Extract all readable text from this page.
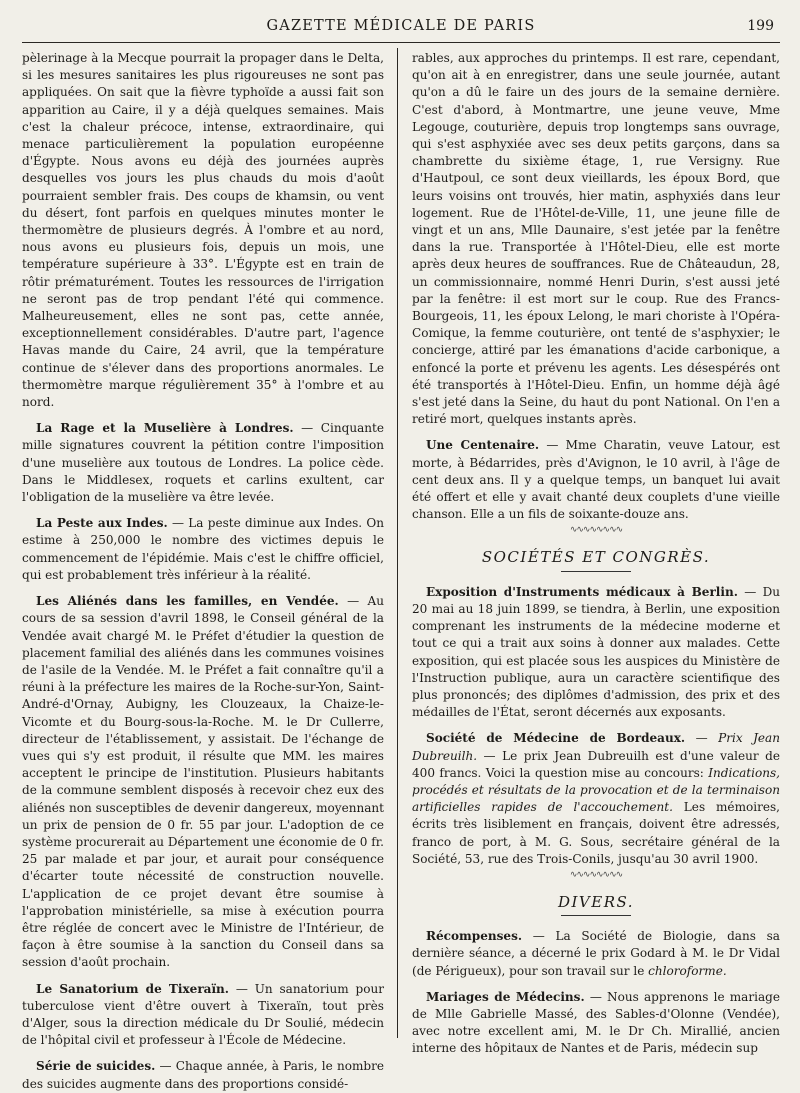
GAZETTE MÉDICALE DE PARIS	199

pèlerinage à la Mecque pourrait la propager dans le Delta, si les mesures sanitaires les plus rigoureuses ne sont pas appliquées. On sait que la fièvre typhoïde a aussi fait son apparition au Caire, il y a déjà quelques semaines. Mais c'est la chaleur précoce, intense, extraordinaire, qui menace particulièrement la population européenne d'Égypte. Nous avons eu déjà des journées auprès desquelles vos jours les plus chauds du mois d'août pourraient sembler frais. Des coups de khamsin, ou vent du désert, font parfois en quelques minutes monter le thermomètre de plusieurs degrés. À l'ombre et au nord, nous avons eu plusieurs fois, depuis un mois, une température supérieure à 33°. L'Égypte est en train de rôtir prématurément. Toutes les ressources de l'irrigation ne seront pas de trop pendant l'été qui commence. Malheureusement, elles ne sont pas, cette année, exceptionnellement considérables. D'autre part, l'agence Havas mande du Caire, 24 avril, que la température continue de s'élever dans des proportions anormales. Le thermomètre marque régulièrement 35° à l'ombre et au nord.

La Rage et la Muselière à Londres. — Cinquante mille signatures couvrent la pétition contre l'imposition d'une muselière aux toutous de Londres. La police cède. Dans le Middlesex, roquets et carlins exultent, car l'obligation de la muselière va être levée.

La Peste aux Indes. — La peste diminue aux Indes. On estime à 250,000 le nombre des victimes depuis le commencement de l'épidémie. Mais c'est le chiffre officiel, qui est probablement très inférieur à la réalité.

Les Aliénés dans les familles, en Vendée. — Au cours de sa session d'avril 1898, le Conseil général de la Vendée avait chargé M. le Préfet d'étudier la question de placement familial des aliénés dans les communes voisines de l'asile de la Vendée. M. le Préfet a fait connaître qu'il a réuni à la préfecture les maires de la Roche-sur-Yon, Saint-André-d'Ornay, Aubigny, les Clouzeaux, la Chaize-le-Vicomte et du Bourg-sous-la-Roche. M. le Dr Cullerre, directeur de l'établissement, y assistait. De l'échange de vues qui s'y est produit, il résulte que MM. les maires acceptent le principe de l'institution. Plusieurs habitants de la commune semblent disposés à recevoir chez eux des aliénés non susceptibles de devenir dangereux, moyennant un prix de pension de 0 fr. 55 par jour. L'adoption de ce système procurerait au Département une économie de 0 fr. 25 par malade et par jour, et aurait pour conséquence d'écarter toute nécessité de construction nouvelle. L'application de ce projet devant être soumise à l'approbation ministérielle, sa mise à exécution pourra être réglée de concert avec le Ministre de l'Intérieur, de façon à être soumise à la sanction du Conseil dans sa session d'août prochain.

Le Sanatorium de Tixeraïn. — Un sanatorium pour tuberculose vient d'être ouvert à Tixeraïn, tout près d'Alger, sous la direction médicale du Dr Soulié, médecin de l'hôpital civil et professeur à l'École de Médecine.

Série de suicides. — Chaque année, à Paris, le nombre des suicides augmente dans des proportions considé-

rables, aux approches du printemps. Il est rare, cependant, qu'on ait à en enregistrer, dans une seule journée, autant qu'on a dû le faire un des jours de la semaine dernière. C'est d'abord, à Montmartre, une jeune veuve, Mme Legouge, couturière, depuis trop longtemps sans ouvrage, qui s'est asphyxiée avec ses deux petits garçons, dans sa chambrette du sixième étage, 1, rue Versigny. Rue d'Hautpoul, ce sont deux vieillards, les époux Bord, que leurs voisins ont trouvés, hier matin, asphyxiés dans leur logement. Rue de l'Hôtel-de-Ville, 11, une jeune fille de vingt et un ans, Mlle Daunaire, s'est jetée par la fenêtre dans la rue. Transportée à l'Hôtel-Dieu, elle est morte après deux heures de souffrances. Rue de Châteaudun, 28, un commissionnaire, nommé Henri Durin, s'est aussi jeté par la fenêtre: il est mort sur le coup. Rue des Francs-Bourgeois, 11, les époux Lelong, le mari choriste à l'Opéra-Comique, la femme couturière, ont tenté de s'asphyxier; le concierge, attiré par les émanations d'acide carbonique, a enfoncé la porte et prévenu les agents. Les désespérés ont été transportés à l'Hôtel-Dieu. Enfin, un homme déjà âgé s'est jeté dans la Seine, du haut du pont National. On l'en a retiré mort, quelques instants après.

Une Centenaire. — Mme Charatin, veuve Latour, est morte, à Bédarrides, près d'Avignon, le 10 avril, à l'âge de cent deux ans. Il y a quelque temps, un banquet lui avait été offert et elle y avait chanté deux couplets d'une vieille chanson. Elle a un fils de soixante-douze ans.

∿∿∿∿∿∿∿∿
SOCIÉTÉS ET CONGRÈS.

Exposition d'Instruments médicaux à Berlin. — Du 20 mai au 18 juin 1899, se tiendra, à Berlin, une exposition comprenant les instruments de la médecine moderne et tout ce qui a trait aux soins à donner aux malades. Cette exposition, qui est placée sous les auspices du Ministère de l'Instruction publique, aura un caractère scientifique des plus prononcés; des diplômes d'admission, des prix et des médailles de l'État, seront décernés aux exposants.

Société de Médecine de Bordeaux. — Prix Jean Dubreuilh. — Le prix Jean Dubreuilh est d'une valeur de 400 francs. Voici la question mise au concours: Indications, procédés et résultats de la provocation et de la terminaison artificielles rapides de l'accouchement. Les mémoires, écrits très lisiblement en français, doivent être adressés, franco de port, à M. G. Sous, secrétaire général de la Société, 53, rue des Trois-Conils, jusqu'au 30 avril 1900.

∿∿∿∿∿∿∿∿
DIVERS.

Récompenses. — La Société de Biologie, dans sa dernière séance, a décerné le prix Godard à M. le Dr Vidal (de Périgueux), pour son travail sur le chloroforme.

Mariages de Médecins. — Nous apprenons le mariage de Mlle Gabrielle Massé, des Sables-d'Olonne (Vendée), avec notre excellent ami, M. le Dr Ch. Mirallié, ancien interne des hôpitaux de Nantes et de Paris, médecin sup
